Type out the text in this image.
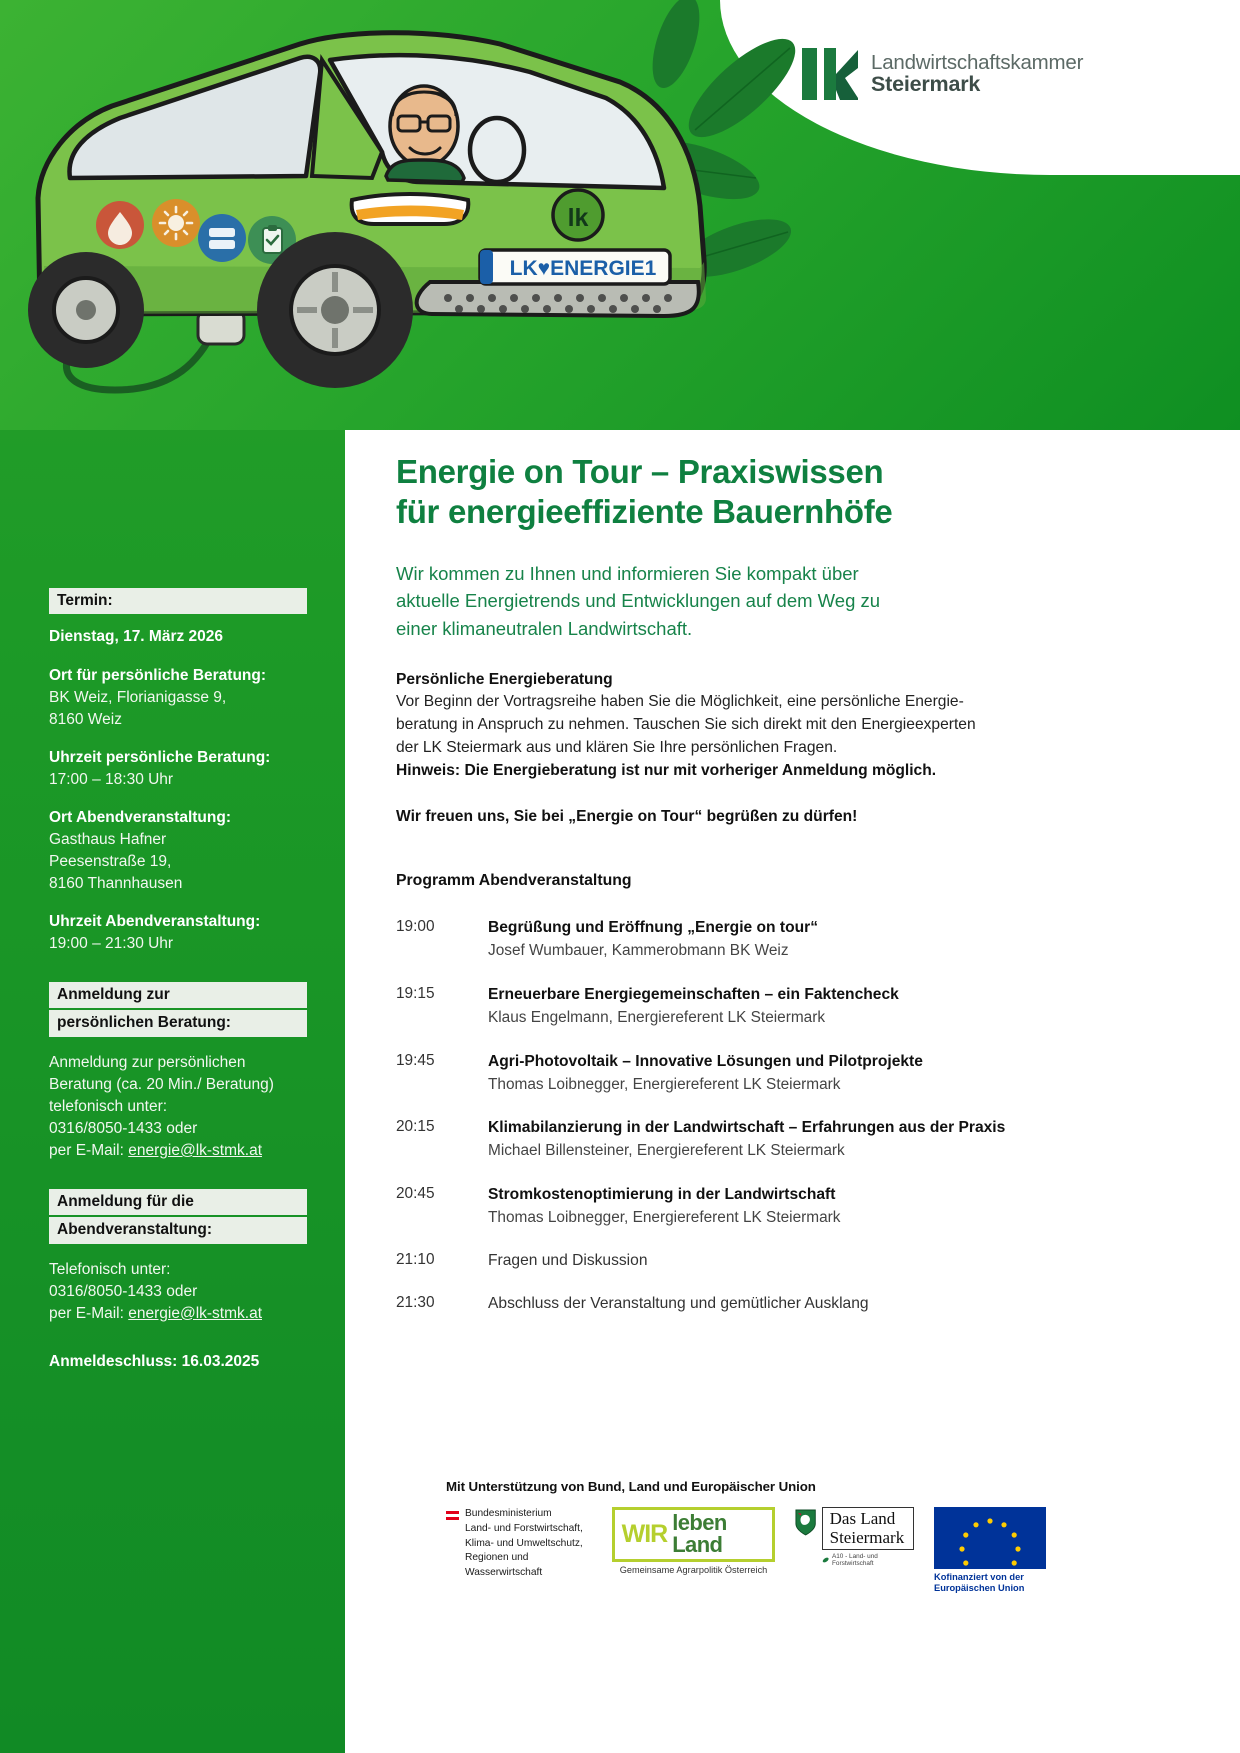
lk
LK♥ENERGIE1
Landwirtschaftskammer
Steiermark
Termin:
Dienstag, 17. März 2026
Ort für persönliche Beratung:
BK Weiz, Florianigasse 9,
8160 Weiz
Uhrzeit persönliche Beratung:
17:00 – 18:30 Uhr
Ort Abendveranstaltung:
Gasthaus Hafner
Peesenstraße 19,
8160 Thannhausen
Uhrzeit Abendveranstaltung:
19:00 – 21:30 Uhr
Anmeldung zur
persönlichen Beratung:
Anmeldung zur persönlichen
Beratung (ca. 20 Min./ Beratung)
telefonisch unter:
0316/8050-1433 oder
per E-Mail: energie@lk-stmk.at
Anmeldung für die
Abendveranstaltung:
Telefonisch unter:
0316/8050-1433 oder
per E-Mail: energie@lk-stmk.at
Anmeldeschluss: 16.03.2025
Energie on Tour – Praxiswissen
für energieeffiziente Bauernhöfe
Wir kommen zu Ihnen und informieren Sie kompakt über
aktuelle Energietrends und Entwicklungen auf dem Weg zu
einer klimaneutralen Landwirtschaft.
Persönliche Energieberatung
Vor Beginn der Vortragsreihe haben Sie die Möglichkeit, eine persönliche Energie-
beratung in Anspruch zu nehmen. Tauschen Sie sich direkt mit den Energieexperten
der LK Steiermark aus und klären Sie Ihre persönlichen Fragen.
Hinweis: Die Energieberatung ist nur mit vorheriger Anmeldung möglich.
Wir freuen uns, Sie bei „Energie on Tour“ begrüßen zu dürfen!
Programm Abendveranstaltung
19:00	Begrüßung und Eröffnung „Energie on tour“
Josef Wumbauer, Kammerobmann BK Weiz
19:15	Erneuerbare Energiegemeinschaften – ein Faktencheck
Klaus Engelmann, Energiereferent LK Steiermark
19:45	Agri-Photovoltaik – Innovative Lösungen und Pilotprojekte
Thomas Loibnegger, Energiereferent LK Steiermark
20:15	Klimabilanzierung in der Landwirtschaft – Erfahrungen aus der Praxis
Michael Billensteiner, Energiereferent LK Steiermark
20:45	Stromkostenoptimierung in der Landwirtschaft
Thomas Loibnegger, Energiereferent LK Steiermark
21:10	Fragen und Diskussion
21:30	Abschluss der Veranstaltung und gemütlicher Ausklang
Mit Unterstützung von Bund, Land und Europäischer Union
Bundesministerium
Land- und Forstwirtschaft,
Klima- und Umweltschutz,
Regionen und Wasserwirtschaft
WIR leben Land
Gemeinsame Agrarpolitik Österreich
Das Land
Steiermark
A10 - Land- und Forstwirtschaft
Kofinanziert von der
Europäischen Union
